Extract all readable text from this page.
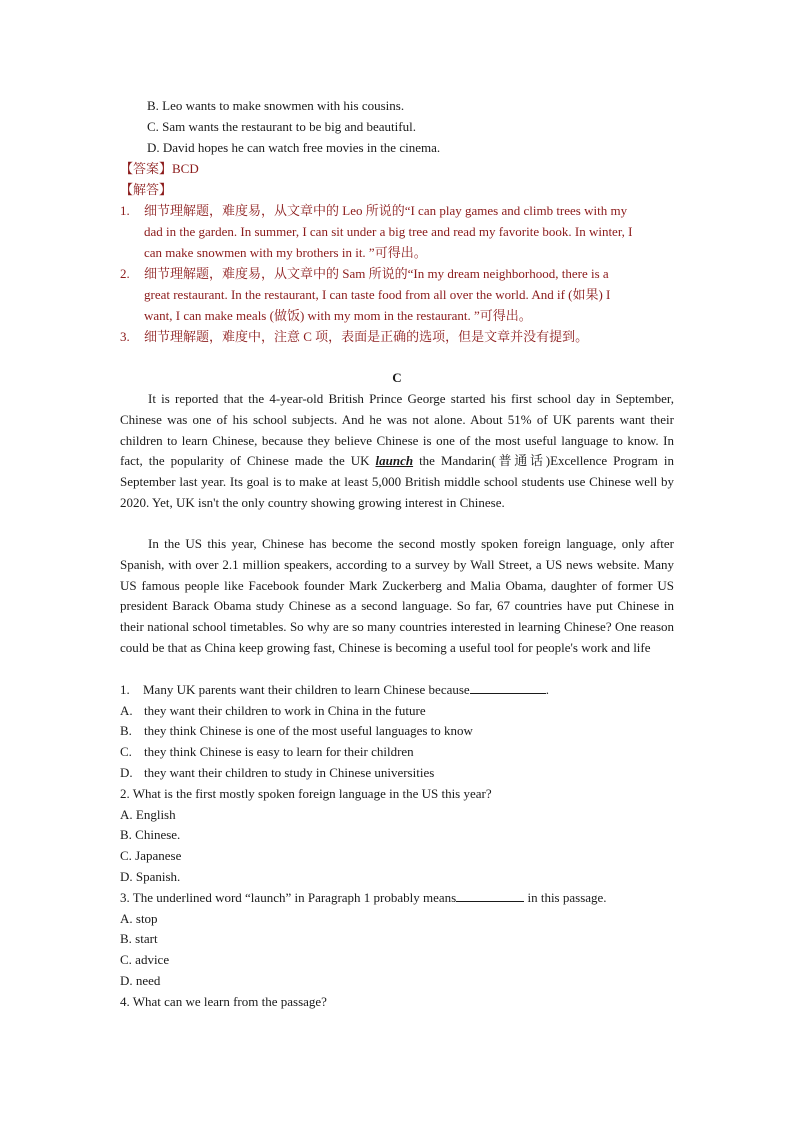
B. Leo wants to make snowmen with his cousins.
C. Sam wants the restaurant to be big and beautiful.
D. David hopes he can watch free movies in the cinema.
【答案】BCD
【解答】
1. 细节理解题，难度易，从文章中的 Leo 所说的“I can play games and climb trees with my
dad in the garden. In summer, I can sit under a big tree and read my favorite book. In winter, I
can make snowmen with my brothers in it. ”可得出。
2. 细节理解题，难度易，从文章中的 Sam 所说的“In my dream neighborhood, there is a
great restaurant. In the restaurant, I can taste food from all over the world. And if (如果) I
want, I can make meals (做饭) with my mom in the restaurant. ”可得出。
3. 细节理解题，难度中，注意 C 项，表面是正确的选项，但是文章并没有提到。
C
It is reported that the 4-year-old British Prince George started his first school day in September, Chinese was one of his school subjects. And he was not alone. About 51% of UK parents want their children to learn Chinese, because they believe Chinese is one of the most useful language to know. In fact, the popularity of Chinese made the UK launch the Mandarin(普通话)Excellence Program in September last year. Its goal is to make at least 5,000 British middle school students use Chinese well by 2020. Yet, UK isn't the only country showing growing interest in Chinese.
In the US this year, Chinese has become the second mostly spoken foreign language, only after Spanish, with over 2.1 million speakers, according to a survey by Wall Street, a US news website. Many US famous people like Facebook founder Mark Zuckerberg and Malia Obama, daughter of former US president Barack Obama study Chinese as a second language. So far, 67 countries have put Chinese in their national school timetables. So why are so many countries interested in learning Chinese? One reason could be that as China keep growing fast, Chinese is becoming a useful tool for people's work and life
1. Many UK parents want their children to learn Chinese because	.
A. they want their children to work in China in the future
B. they think Chinese is one of the most useful languages to know
C. they think Chinese is easy to learn for their children
D. they want their children to study in Chinese universities
2. What is the first mostly spoken foreign language in the US this year?
A. English
B. Chinese.
C. Japanese
D. Spanish.
3. The underlined word “launch” in Paragraph 1 probably means	in this passage.
A. stop
B. start
C. advice
D. need
4. What can we learn from the passage?
